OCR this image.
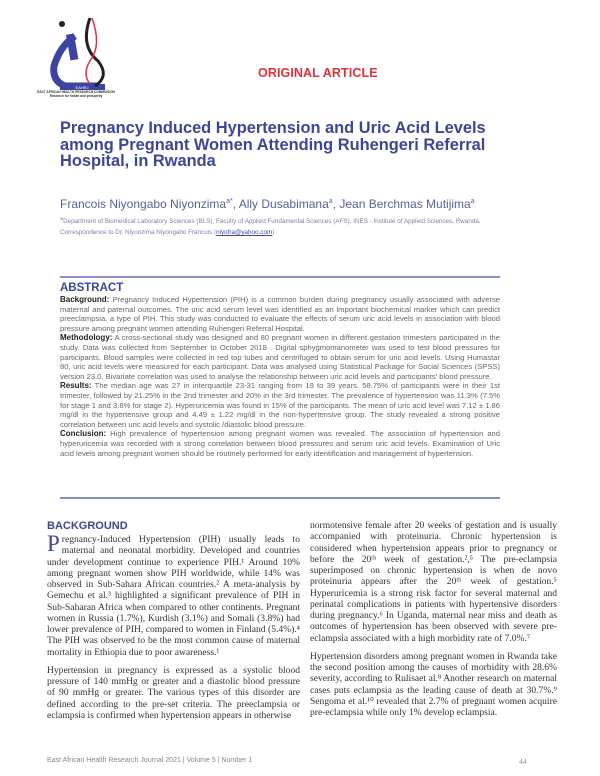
EAHRJ
EAST AFRICAN HEALTH RESEARCH COMMISSION
Research for health and prosperity
ORIGINAL ARTICLE
Pregnancy Induced Hypertension and Uric Acid Levels among Pregnant Women Attending Ruhengeri Referral Hospital, in Rwanda
Francois Niyongabo Niyonzima$^{a*}$, Ally Dusabimana$^a$, Jean Berchmas Mutijima$^a$
$^a$Department of Biomedical Laboratory Sciences (BLS), Faculty of Applied Fundamental Sciences (AFS), INES - Institute of Applied Sciences, Rwanda.
Correspondence to Dr. Niyonzima Niyongabo Francois (niyofra@yahoo.com)
ABSTRACT

Background: Pregnancy Induced Hypertension (PIH) is a common burden during pregnancy usually associated with adverse maternal and paternal outcomes. The uric acid serum level was identified as an important biochemical marker which can predict preeclampsia, a type of PIH. This study was conducted to evaluate the effects of serum uric acid levels in association with blood pressure among pregnant women attending Ruhengeri Referral Hospital.

Methodology: A cross-sectional study was designed and 80 pregnant women in different gestation trimesters participated in the study. Data was collected from September to October 2018 . Digital sphygmomanometer was used to test blood pressures for participants. Blood samples were collected in red top tubes and centrifuged to obtain serum for uric acid levels. Using Humastar 80, uric acid levels were measured for each participant. Data was analysed using Statistical Package for Social Sciences (SPSS) version 23.0. Bivariate correlation was used to analyse the relationship between uric acid levels and participants' blood pressure.

Results: The median age was 27 in interquartile 23-31 ranging from 19 to 39 years. 58.75% of participants were in their 1st trimester, followed by 21.25% in the 2nd trimester and 20% in the 3rd trimester. The prevalence of hypertension was 11.3% (7.5% for stage 1 and 3.8% for stage 2). Hyperuricemia was found in 15% of the participants. The mean of uric acid level was 7.12 ± 1.86 mg/dl in the hypertensive group and 4.49 ± 1.22 mg/dl in the non-hypertensive group. The study revealed a strong positive correlation between uric acid levels and systolic /diastolic blood pressure.

Conclusion: High prevalence of hypertension among pregnant women was revealed. The association of hypertension and hyperuricemia was recorded with a strong correlation between blood pressures and serum uric acid levels. Examination of Uric acid levels among pregnant women should be routinely performed for early identification and management of hypertension.

BACKGROUND

Pregnancy-Induced Hypertension (PIH) usually leads to maternal and neonatal morbidity. Developed and countries under development continue to experience PIH.¹ Around 10% among pregnant women show PIH worldwide, while 14% was observed in Sub-Sahara African countries.² A meta-analysis by Gemechu et al.³ highlighted a significant prevalence of PIH in Sub-Saharan Africa when compared to other continents. Pregnant women in Russia (1.7%), Kurdish (3.1%) and Somali (3.8%) had lower prevalence of PIH, compared to women in Finland (5.4%).⁴ The PIH was observed to be the most common cause of maternal mortality in Ethiopia due to poor awareness.¹

Hypertension in pregnancy is expressed as a systolic blood pressure of 140 mmHg or greater and a diastolic blood pressure of 90 mmHg or greater. The various types of this disorder are defined according to the pre-set criteria. The preeclampsia or eclampsia is confirmed when hypertension appears in otherwise

normotensive female after 20 weeks of gestation and is usually accompanied with proteinuria. Chronic hypertension is considered when hypertension appears prior to pregnancy or before the 20ᵗʰ week of gestation.²,⁵ The pre-eclampsia superimposed on chronic hypertension is when de novo proteinuria appears after the 20ᵗʰ week of gestation.⁵ Hyperuricemia is a strong risk factor for several maternal and perinatal complications in patients with hypertensive disorders during pregnancy.⁶ In Uganda, maternal near miss and death as outcomes of hypertension has been observed with severe pre-eclampsia associated with a high morbidity rate of 7.0%.⁷

Hypertension disorders among pregnant women in Rwanda take the second position among the causes of morbidity with 28.6% severity, according to Rulisaet al.⁸ Another research on maternal cases puts eclampsia as the leading cause of death at 30.7%.⁹ Sengoma et al.¹⁰ revealed that 2.7% of pregnant women acquire pre-eclampsia while only 1% develop eclampsia.

East African Health Research Journal 2021 | Volume 5 | Number 1	44
